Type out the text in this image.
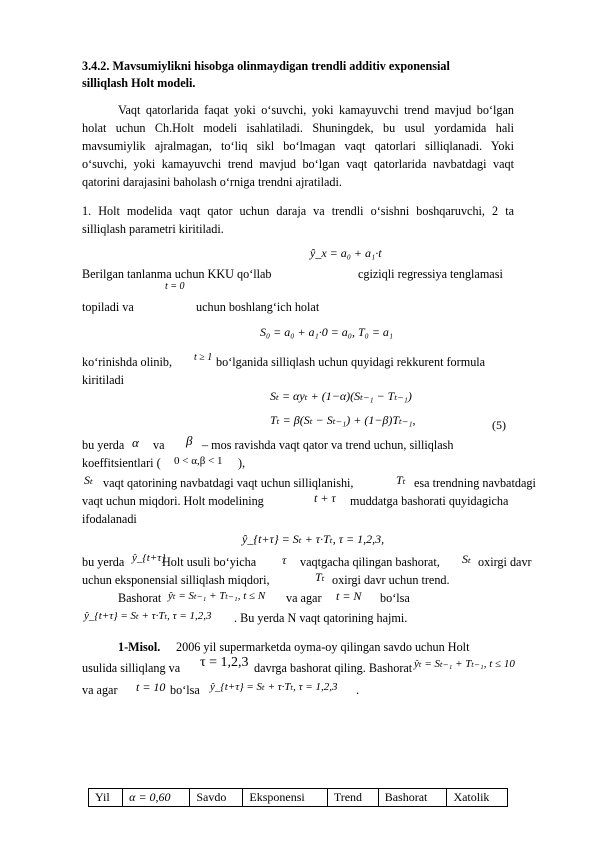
3.4.2. Mavsumiylikni hisobga olinmaydigan trendli additiv exponensial
silliqlash Holt modeli.
Vaqt qatorlarida faqat yoki o‘suvchi, yoki kamayuvchi trend mavjud bo‘lgan
holat uchun Ch.Holt modeli isahlatiladi. Shuningdek, bu usul yordamida hali
mavsumiylik ajralmagan, to‘liq sikl bo‘lmagan vaqt qatorlari silliqlanadi. Yoki
o‘suvchi, yoki kamayuvchi trend mavjud bo‘lgan vaqt qatorlarida navbatdagi vaqt
qatorini darajasini baholash o‘rniga trendni ajratiladi.
1. Holt modelida vaqt qator uchun daraja va trendli o‘sishni boshqaruvchi, 2 ta
silliqlash parametri kiritiladi.
ŷ_x = a₀ + a₁·t
Berilgan tanlanma uchun KKU qo‘llab	cgiziqli regressiya tenglamasi
t = 0
topiladi va	uchun boshlang‘ich holat
S₀ = a₀ + a₁·0 = a₀, T₀ = a₁
ko‘rinishda olinib,	t ≥ 1 bo‘lganida silliqlash uchun quyidagi rekkurent formula
kiritiladi
Sₜ = αyₜ + (1−α)(Sₜ₋₁ − Tₜ₋₁)
Tₜ = β(Sₜ − Sₜ₋₁) + (1−β)Tₜ₋₁,	(5)
bu yerda α va	β – mos ravishda vaqt qator va trend uchun, silliqlash
koeffitsientlari (	0 < α,β < 1 ),
Sₜ vaqt qatorining navbatdagi vaqt uchun silliqlanishi,	Tₜ esa trendning navbatdagi
vaqt uchun miqdori. Holt modelining	t + τ muddatga bashorati quyidagicha
ifodalanadi
ŷ_{t+τ} = Sₜ + τ·Tₜ, τ = 1,2,3,
bu yerda ŷ_{t+τ}
Holt usuli bo‘yicha	τ vaqtgacha qilingan bashorat,	Sₜ oxirgi davr
uchun eksponensial silliqlash miqdori,	Tₜ oxirgi davr uchun trend.
Bashorat ŷₜ = Sₜ₋₁ + Tₜ₋₁, t ≤ N va agar	t = N bo‘lsa
ŷ_{t+τ} = Sₜ + τ·Tₜ, τ = 1,2,3 . Bu yerda N vaqt qatorining hajmi.
1-Misol.	2006 yil supermarketda oyma-oy qilingan savdo uchun Holt
usulida silliqlang va	τ = 1,2,3 davrga bashorat qiling. Bashorat ŷₜ = Sₜ₋₁ + Tₜ₋₁, t ≤ 10
va agar	t = 10 bo‘lsa ŷ_{t+τ} = Sₜ + τ·Tₜ, τ = 1,2,3 .
Yil	α = 0,60	Savdo	Eksponensi	Trend	Bashorat	Xatolik
